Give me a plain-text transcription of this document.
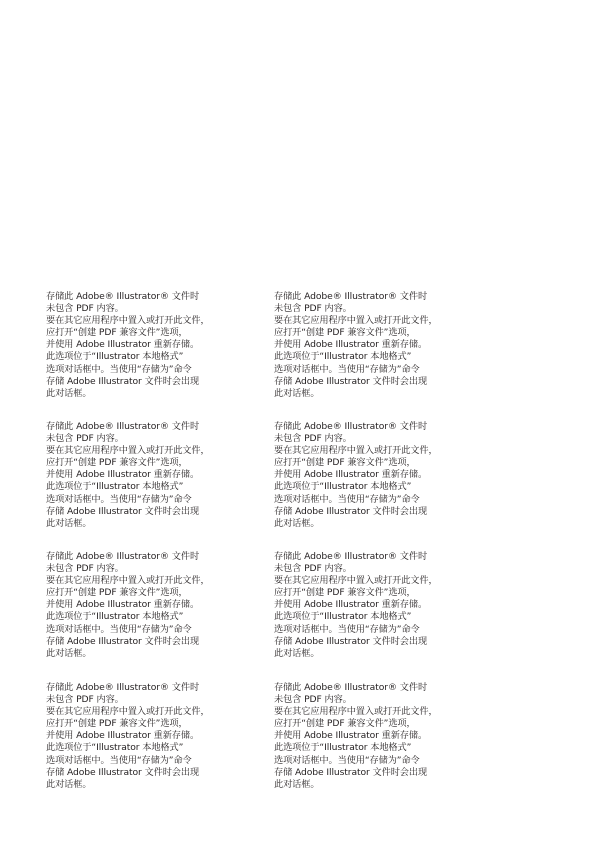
存储此 Adobe® Illustrator® 文件时
未包含 PDF 内容。
要在其它应用程序中置入或打开此文件，
应打开“创建 PDF 兼容文件”选项，
并使用 Adobe Illustrator 重新存储。
此选项位于“Illustrator 本地格式”
选项对话框中。当使用“存储为”命令
存储 Adobe Illustrator 文件时会出现
此对话框。
存储此 Adobe® Illustrator® 文件时
未包含 PDF 内容。
要在其它应用程序中置入或打开此文件，
应打开“创建 PDF 兼容文件”选项，
并使用 Adobe Illustrator 重新存储。
此选项位于“Illustrator 本地格式”
选项对话框中。当使用“存储为”命令
存储 Adobe Illustrator 文件时会出现
此对话框。
存储此 Adobe® Illustrator® 文件时
未包含 PDF 内容。
要在其它应用程序中置入或打开此文件，
应打开“创建 PDF 兼容文件”选项，
并使用 Adobe Illustrator 重新存储。
此选项位于“Illustrator 本地格式”
选项对话框中。当使用“存储为”命令
存储 Adobe Illustrator 文件时会出现
此对话框。
存储此 Adobe® Illustrator® 文件时
未包含 PDF 内容。
要在其它应用程序中置入或打开此文件，
应打开“创建 PDF 兼容文件”选项，
并使用 Adobe Illustrator 重新存储。
此选项位于“Illustrator 本地格式”
选项对话框中。当使用“存储为”命令
存储 Adobe Illustrator 文件时会出现
此对话框。
存储此 Adobe® Illustrator® 文件时
未包含 PDF 内容。
要在其它应用程序中置入或打开此文件，
应打开“创建 PDF 兼容文件”选项，
并使用 Adobe Illustrator 重新存储。
此选项位于“Illustrator 本地格式”
选项对话框中。当使用“存储为”命令
存储 Adobe Illustrator 文件时会出现
此对话框。
存储此 Adobe® Illustrator® 文件时
未包含 PDF 内容。
要在其它应用程序中置入或打开此文件，
应打开“创建 PDF 兼容文件”选项，
并使用 Adobe Illustrator 重新存储。
此选项位于“Illustrator 本地格式”
选项对话框中。当使用“存储为”命令
存储 Adobe Illustrator 文件时会出现
此对话框。
存储此 Adobe® Illustrator® 文件时
未包含 PDF 内容。
要在其它应用程序中置入或打开此文件，
应打开“创建 PDF 兼容文件”选项，
并使用 Adobe Illustrator 重新存储。
此选项位于“Illustrator 本地格式”
选项对话框中。当使用“存储为”命令
存储 Adobe Illustrator 文件时会出现
此对话框。
存储此 Adobe® Illustrator® 文件时
未包含 PDF 内容。
要在其它应用程序中置入或打开此文件，
应打开“创建 PDF 兼容文件”选项，
并使用 Adobe Illustrator 重新存储。
此选项位于“Illustrator 本地格式”
选项对话框中。当使用“存储为”命令
存储 Adobe Illustrator 文件时会出现
此对话框。
